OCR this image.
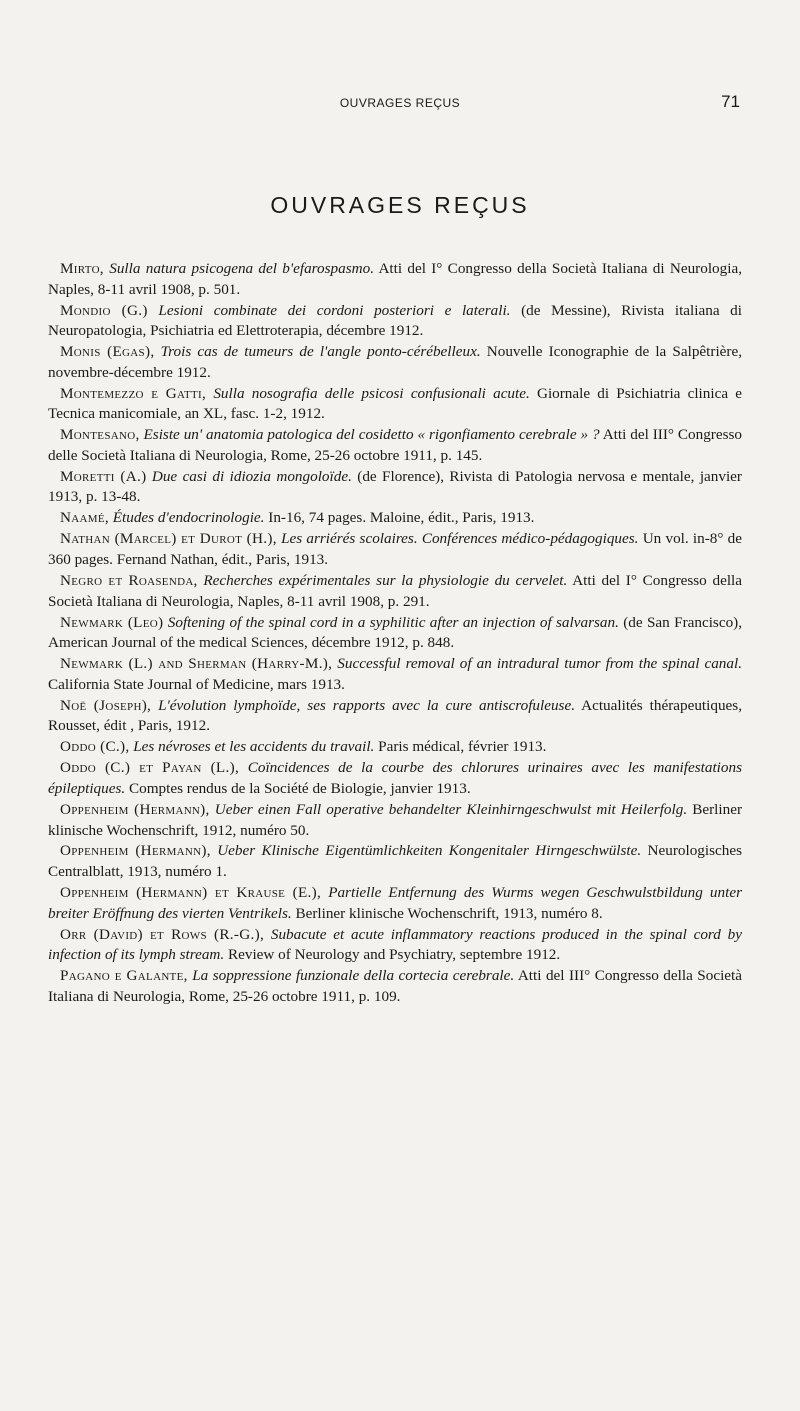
OUVRAGES REÇUS	71
OUVRAGES REÇUS

Mirto, Sulla natura psicogena del b'efarospasmo. Atti del I° Congresso della Società Italiana di Neurologia, Naples, 8-11 avril 1908, p. 501.

Mondio (G.) Lesioni combinate dei cordoni posteriori e laterali. (de Messine), Rivista italiana di Neuropatologia, Psichiatria ed Elettroterapia, décembre 1912.

Monis (Egas), Trois cas de tumeurs de l'angle ponto-cérébelleux. Nouvelle Iconographie de la Salpêtrière, novembre-décembre 1912.

Montemezzo e Gatti, Sulla nosografia delle psicosi confusionali acute. Giornale di Psichiatria clinica e Tecnica manicomiale, an XL, fasc. 1-2, 1912.

Montesano, Esiste un' anatomia patologica del cosidetto « rigonfiamento cerebrale » ? Atti del III° Congresso delle Società Italiana di Neurologia, Rome, 25-26 octobre 1911, p. 145.

Moretti (A.) Due casi di idiozia mongoloïde. (de Florence), Rivista di Patologia nervosa e mentale, janvier 1913, p. 13-48.

Naamé, Études d'endocrinologie. In-16, 74 pages. Maloine, édit., Paris, 1913.

Nathan (Marcel) et Durot (H.), Les arriérés scolaires. Conférences médico-pédagogiques. Un vol. in-8° de 360 pages. Fernand Nathan, édit., Paris, 1913.

Negro et Roasenda, Recherches expérimentales sur la physiologie du cervelet. Atti del I° Congresso della Società Italiana di Neurologia, Naples, 8-11 avril 1908, p. 291.

Newmark (Leo) Softening of the spinal cord in a syphilitic after an injection of salvarsan. (de San Francisco), American Journal of the medical Sciences, décembre 1912, p. 848.

Newmark (L.) and Sherman (Harry-M.), Successful removal of an intradural tumor from the spinal canal. California State Journal of Medicine, mars 1913.

Noë (Joseph), L'évolution lymphoïde, ses rapports avec la cure antiscrofuleuse. Actualités thérapeutiques, Rousset, édit , Paris, 1912.

Oddo (C.), Les névroses et les accidents du travail. Paris médical, février 1913.

Oddo (C.) et Payan (L.), Coïncidences de la courbe des chlorures urinaires avec les manifestations épileptiques. Comptes rendus de la Société de Biologie, janvier 1913.

Oppenheim (Hermann), Ueber einen Fall operative behandelter Kleinhirngeschwulst mit Heilerfolg. Berliner klinische Wochenschrift, 1912, numéro 50.

Oppenheim (Hermann), Ueber Klinische Eigentümlichkeiten Kongenitaler Hirngeschwülste. Neurologisches Centralblatt, 1913, numéro 1.

Oppenheim (Hermann) et Krause (E.), Partielle Entfernung des Wurms wegen Geschwulstbildung unter breiter Eröffnung des vierten Ventrikels. Berliner klinische Wochenschrift, 1913, numéro 8.

Orr (David) et Rows (R.-G.), Subacute et acute inflammatory reactions produced in the spinal cord by infection of its lymph stream. Review of Neurology and Psychiatry, septembre 1912.

Pagano e Galante, La soppressione funzionale della cortecia cerebrale. Atti del III° Congresso della Società Italiana di Neurologia, Rome, 25-26 octobre 1911, p. 109.
